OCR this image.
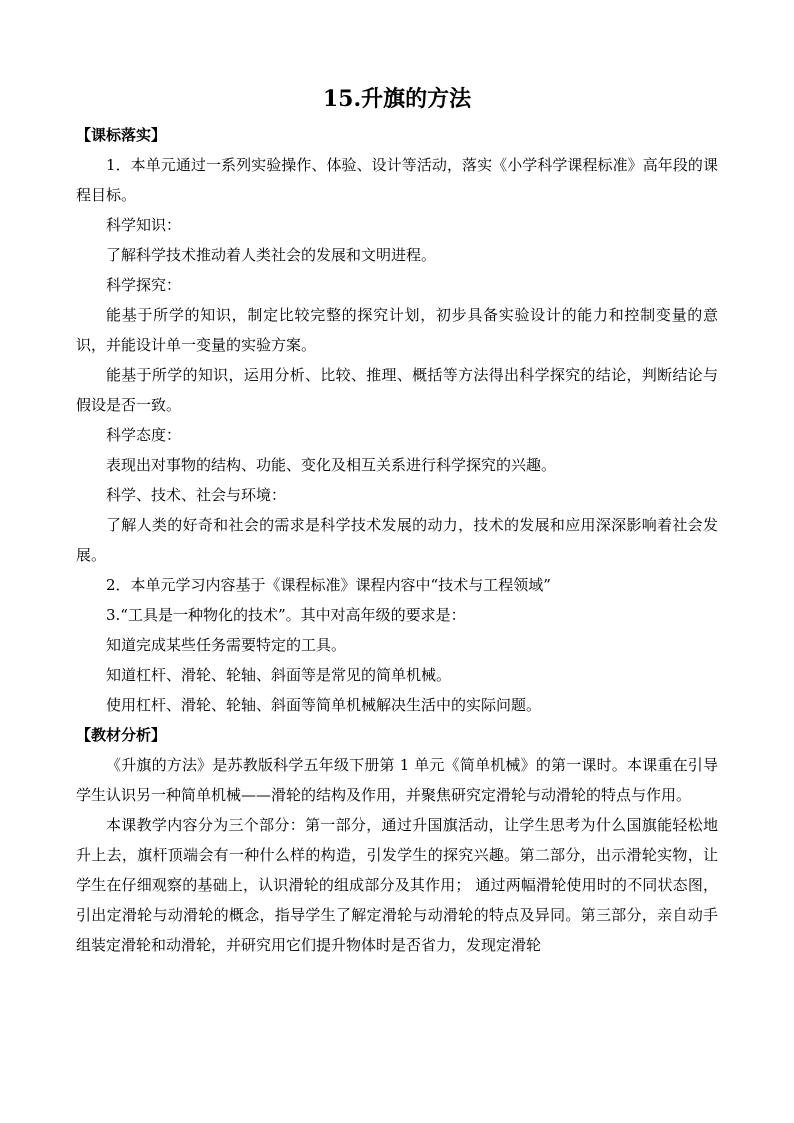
15.升旗的方法

【课标落实】

1．本单元通过一系列实验操作、体验、设计等活动，落实《小学科学课程标准》高年段的课程目标。

科学知识：

了解科学技术推动着人类社会的发展和文明进程。

科学探究：

能基于所学的知识，制定比较完整的探究计划，初步具备实验设计的能力和控制变量的意识，并能设计单一变量的实验方案。

能基于所学的知识，运用分析、比较、推理、概括等方法得出科学探究的结论，判断结论与假设是否一致。

科学态度：

表现出对事物的结构、功能、变化及相互关系进行科学探究的兴趣。

科学、技术、社会与环境：

了解人类的好奇和社会的需求是科学技术发展的动力，技术的发展和应用深深影响着社会发展。

2．本单元学习内容基于《课程标准》课程内容中“技术与工程领域”

3.“工具是一种物化的技术”。其中对高年级的要求是：

知道完成某些任务需要特定的工具。

知道杠杆、滑轮、轮轴、斜面等是常见的简单机械。

使用杠杆、滑轮、轮轴、斜面等简单机械解决生活中的实际问题。

【教材分析】

《升旗的方法》是苏教版科学五年级下册第 1 单元《简单机械》的第一课时。本课重在引导学生认识另一种简单机械——滑轮的结构及作用，并聚焦研究定滑轮与动滑轮的特点与作用。

本课教学内容分为三个部分：第一部分，通过升国旗活动，让学生思考为什么国旗能轻松地升上去，旗杆顶端会有一种什么样的构造，引发学生的探究兴趣。第二部分，出示滑轮实物，让学生在仔细观察的基础上，认识滑轮的组成部分及其作用； 通过两幅滑轮使用时的不同状态图，引出定滑轮与动滑轮的概念，指导学生了解定滑轮与动滑轮的特点及异同。第三部分，亲自动手组装定滑轮和动滑轮，并研究用它们提升物体时是否省力，发现定滑轮
